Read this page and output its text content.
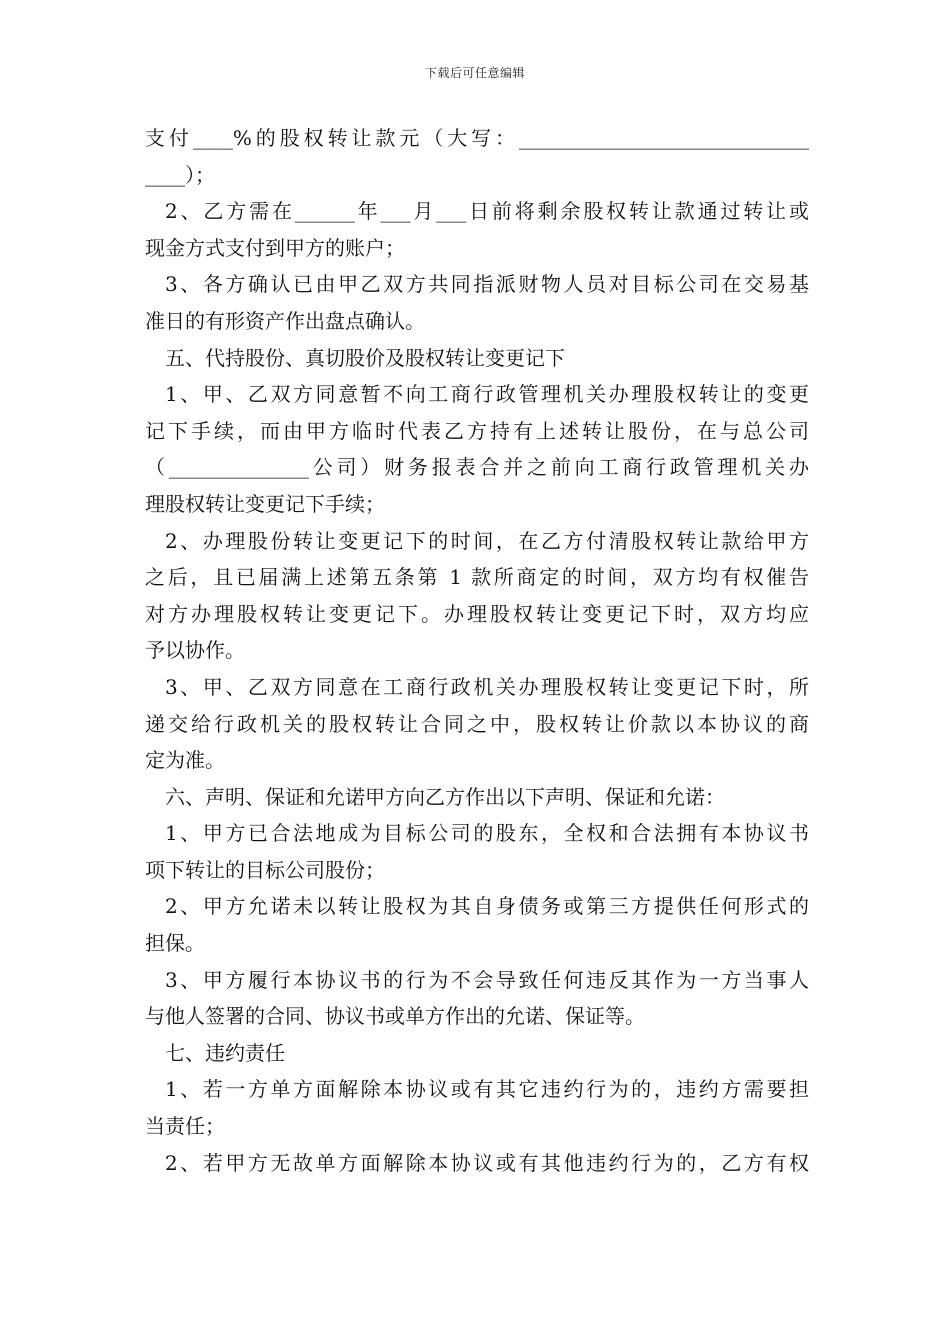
下载后可任意编辑
支付____%的股权转让款元（大写：_____________________________
____）；
2、乙方需在______年___月___日前将剩余股权转让款通过转让或
现金方式支付到甲方的账户；
3、各方确认已由甲乙双方共同指派财物人员对目标公司在交易基
准日的有形资产作出盘点确认。
五、代持股份、真切股价及股权转让变更记下
1、甲、乙双方同意暂不向工商行政管理机关办理股权转让的变更
记下手续，而由甲方临时代表乙方持有上述转让股份，在与总公司
（______________公司）财务报表合并之前向工商行政管理机关办
理股权转让变更记下手续；
2、办理股份转让变更记下的时间，在乙方付清股权转让款给甲方
之后，且已届满上述第五条第 1 款所商定的时间，双方均有权催告
对方办理股权转让变更记下。办理股权转让变更记下时，双方均应
予以协作。
3、甲、乙双方同意在工商行政机关办理股权转让变更记下时，所
递交给行政机关的股权转让合同之中，股权转让价款以本协议的商
定为准。
六、声明、保证和允诺甲方向乙方作出以下声明、保证和允诺：
1、甲方已合法地成为目标公司的股东，全权和合法拥有本协议书
项下转让的目标公司股份；
2、甲方允诺未以转让股权为其自身债务或第三方提供任何形式的
担保。
3、甲方履行本协议书的行为不会导致任何违反其作为一方当事人
与他人签署的合同、协议书或单方作出的允诺、保证等。
七、违约责任
1、若一方单方面解除本协议或有其它违约行为的，违约方需要担
当责任；
2、若甲方无故单方面解除本协议或有其他违约行为的，乙方有权
